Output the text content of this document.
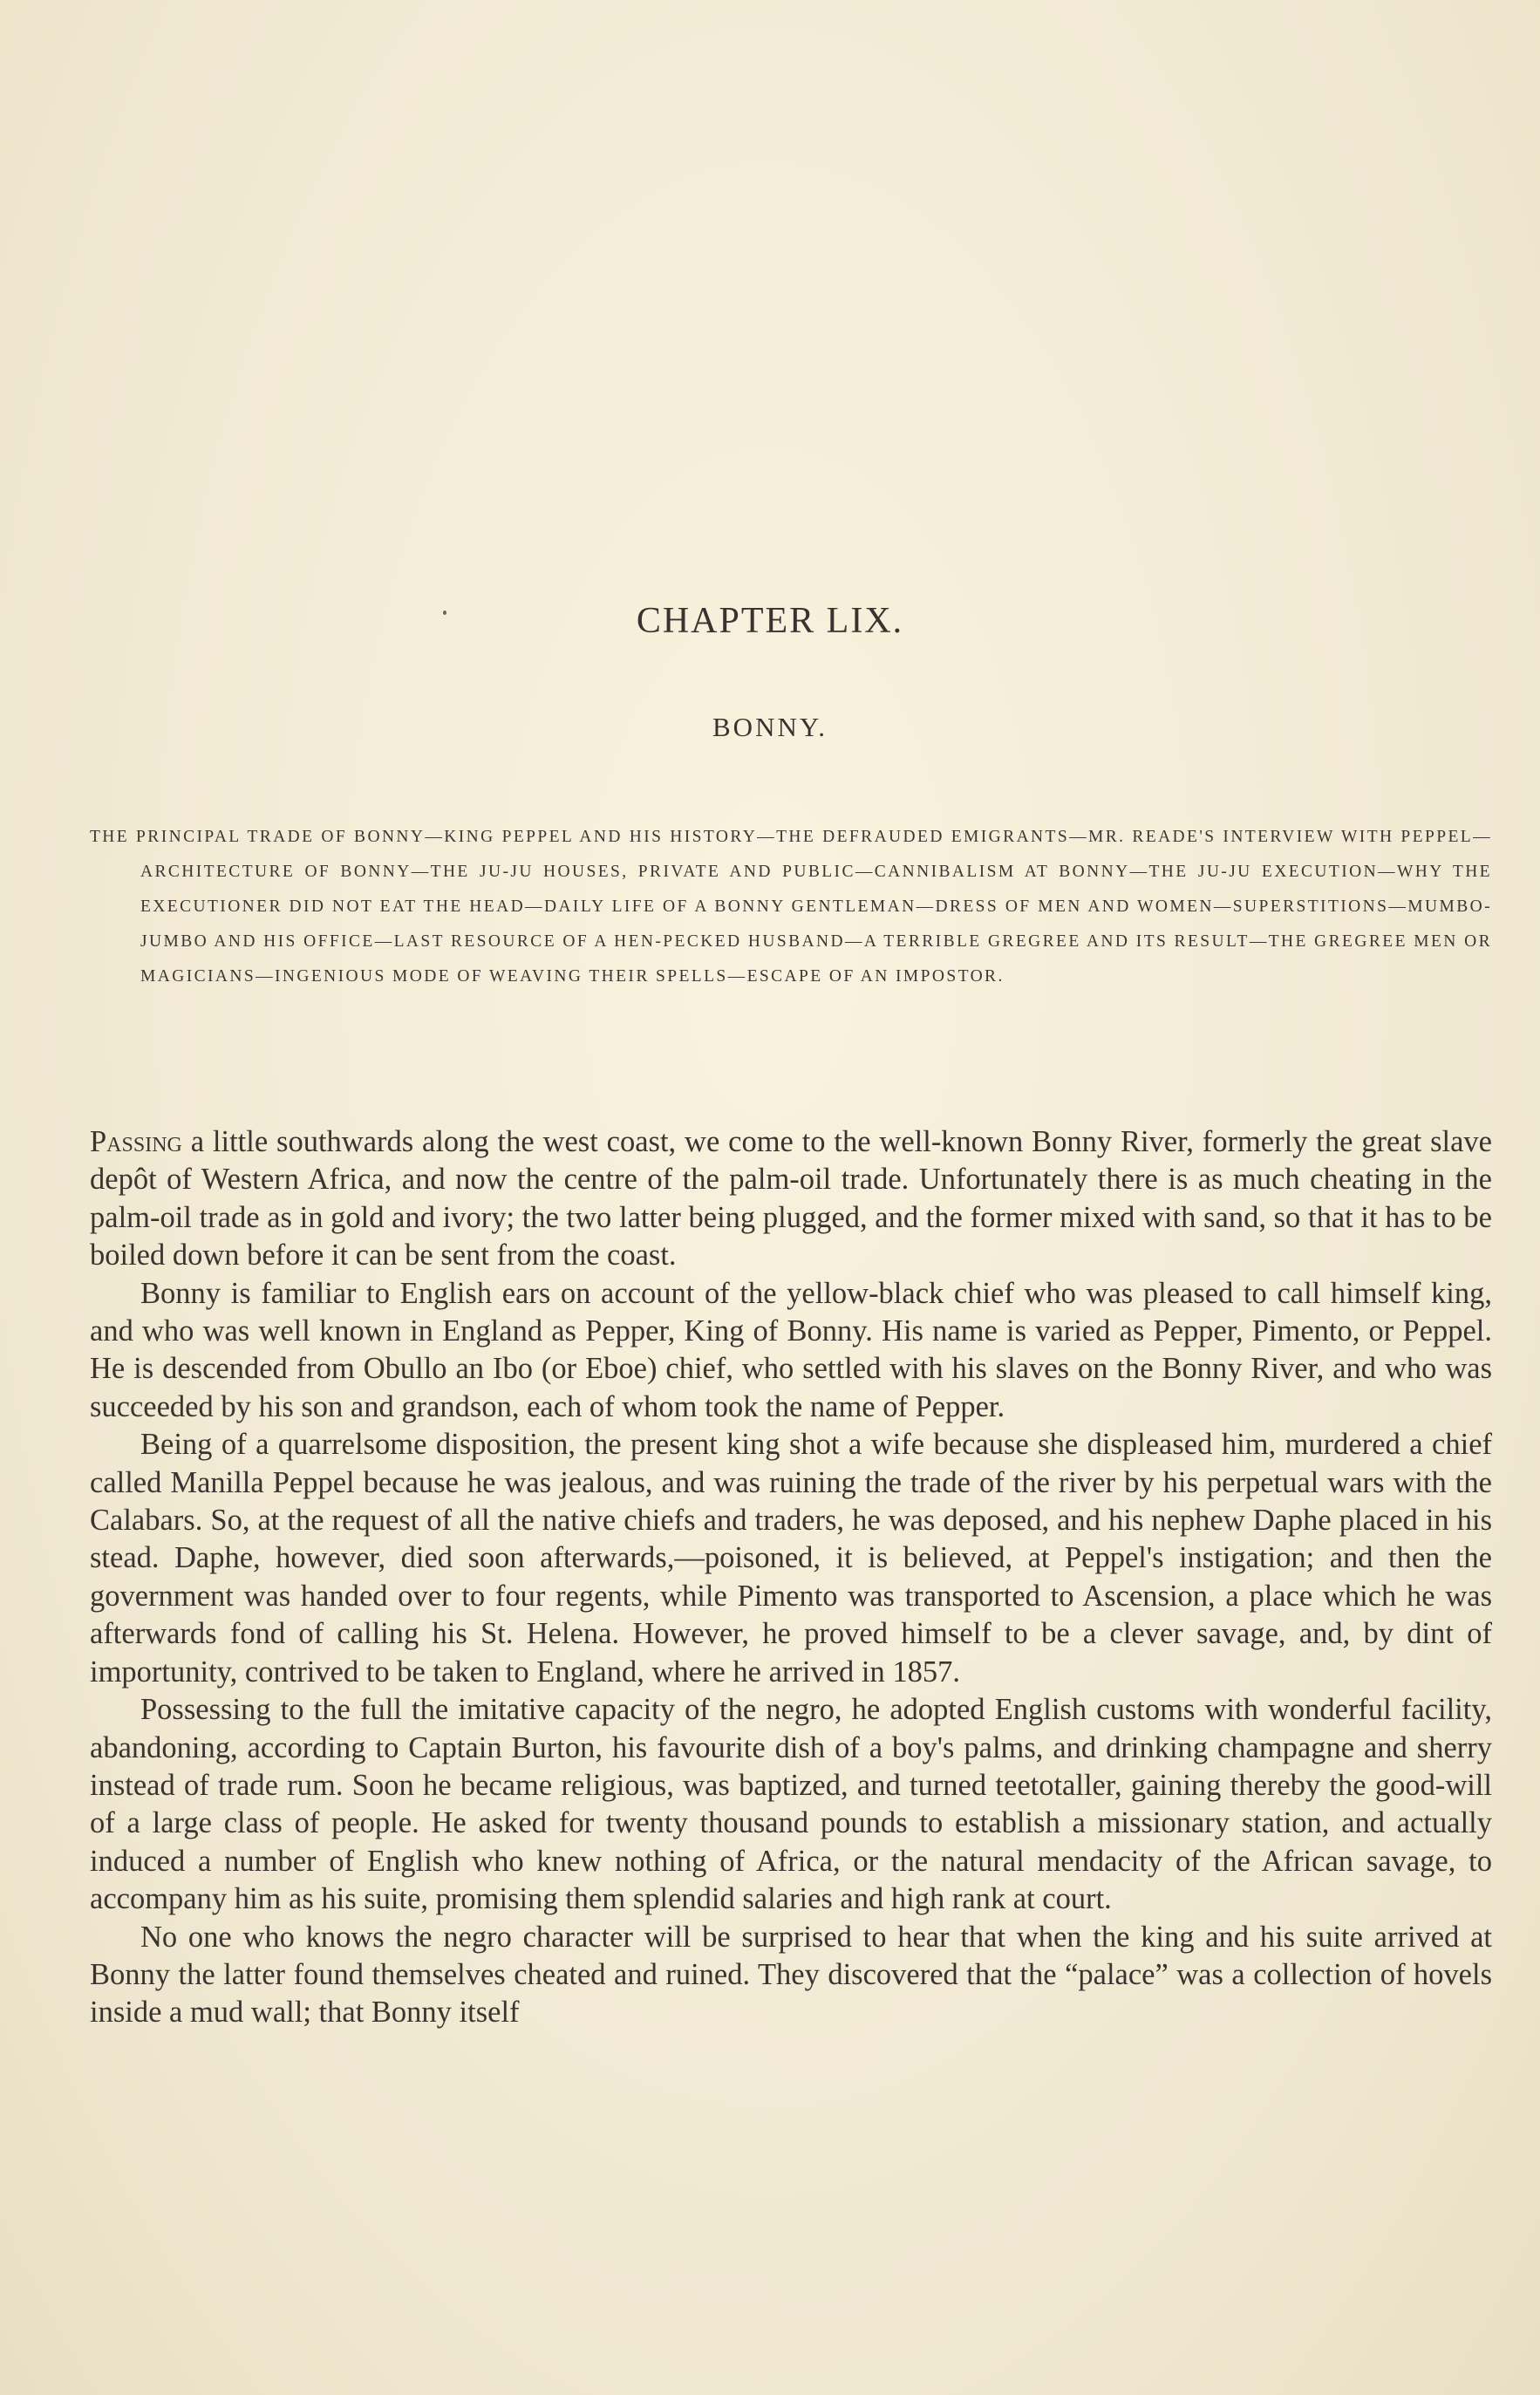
CHAPTER LIX.
BONNY.
THE PRINCIPAL TRADE OF BONNY—KING PEPPEL AND HIS HISTORY—THE DEFRAUDED EMIGRANTS—MR. READE'S INTERVIEW WITH PEPPEL—ARCHITECTURE OF BONNY—THE JU-JU HOUSES, PRIVATE AND PUBLIC—CANNIBALISM AT BONNY—THE JU-JU EXECUTION—WHY THE EXECUTIONER DID NOT EAT THE HEAD—DAILY LIFE OF A BONNY GENTLEMAN—DRESS OF MEN AND WOMEN—SUPERSTITIONS—MUMBO-JUMBO AND HIS OFFICE—LAST RESOURCE OF A HEN-PECKED HUSBAND—A TERRIBLE GREGREE AND ITS RESULT—THE GREGREE MEN OR MAGICIANS—INGENIOUS MODE OF WEAVING THEIR SPELLS—ESCAPE OF AN IMPOSTOR.

Passing a little southwards along the west coast, we come to the well-known Bonny River, formerly the great slave depôt of Western Africa, and now the centre of the palm-oil trade. Unfortunately there is as much cheating in the palm-oil trade as in gold and ivory; the two latter being plugged, and the former mixed with sand, so that it has to be boiled down before it can be sent from the coast.

Bonny is familiar to English ears on account of the yellow-black chief who was pleased to call himself king, and who was well known in England as Pepper, King of Bonny. His name is varied as Pepper, Pimento, or Peppel. He is descended from Obullo an Ibo (or Eboe) chief, who settled with his slaves on the Bonny River, and who was succeeded by his son and grandson, each of whom took the name of Pepper.

Being of a quarrelsome disposition, the present king shot a wife because she displeased him, murdered a chief called Manilla Peppel because he was jealous, and was ruining the trade of the river by his perpetual wars with the Calabars. So, at the request of all the native chiefs and traders, he was deposed, and his nephew Daphe placed in his stead. Daphe, however, died soon afterwards,—poisoned, it is believed, at Peppel's instigation; and then the government was handed over to four regents, while Pimento was transported to Ascension, a place which he was afterwards fond of calling his St. Helena. However, he proved himself to be a clever savage, and, by dint of importunity, contrived to be taken to England, where he arrived in 1857.

Possessing to the full the imitative capacity of the negro, he adopted English customs with wonderful facility, abandoning, according to Captain Burton, his favourite dish of a boy's palms, and drinking champagne and sherry instead of trade rum. Soon he became religious, was baptized, and turned teetotaller, gaining thereby the good-will of a large class of people. He asked for twenty thousand pounds to establish a missionary station, and actually induced a number of English who knew nothing of Africa, or the natural mendacity of the African savage, to accompany him as his suite, promising them splendid salaries and high rank at court.

No one who knows the negro character will be surprised to hear that when the king and his suite arrived at Bonny the latter found themselves cheated and ruined. They discovered that the “palace” was a collection of hovels inside a mud wall; that Bonny itself
